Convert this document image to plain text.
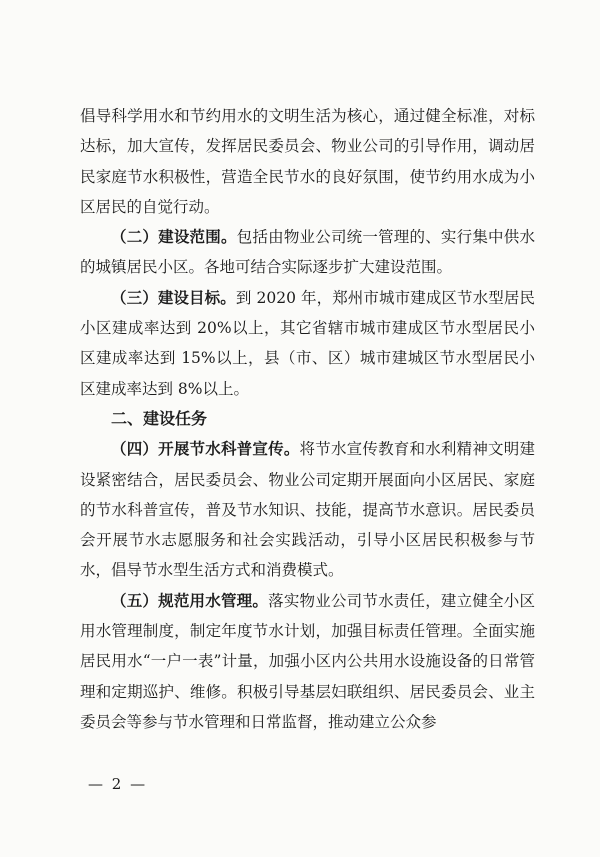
倡导科学用水和节约用水的文明生活为核心，通过健全标准，对标达标，加大宣传，发挥居民委员会、物业公司的引导作用，调动居民家庭节水积极性，营造全民节水的良好氛围，使节约用水成为小区居民的自觉行动。

（二）建设范围。包括由物业公司统一管理的、实行集中供水的城镇居民小区。各地可结合实际逐步扩大建设范围。

（三）建设目标。到 2020 年，郑州市城市建成区节水型居民小区建成率达到 20%以上，其它省辖市城市建成区节水型居民小区建成率达到 15%以上，县（市、区）城市建城区节水型居民小区建成率达到 8%以上。

二、建设任务

（四）开展节水科普宣传。将节水宣传教育和水利精神文明建设紧密结合，居民委员会、物业公司定期开展面向小区居民、家庭的节水科普宣传，普及节水知识、技能，提高节水意识。居民委员会开展节水志愿服务和社会实践活动，引导小区居民积极参与节水，倡导节水型生活方式和消费模式。

（五）规范用水管理。落实物业公司节水责任，建立健全小区用水管理制度，制定年度节水计划，加强目标责任管理。全面实施居民用水“一户一表”计量，加强小区内公共用水设施设备的日常管理和定期巡护、维修。积极引导基层妇联组织、居民委员会、业主委员会等参与节水管理和日常监督，推动建立公众参

— 2 —
